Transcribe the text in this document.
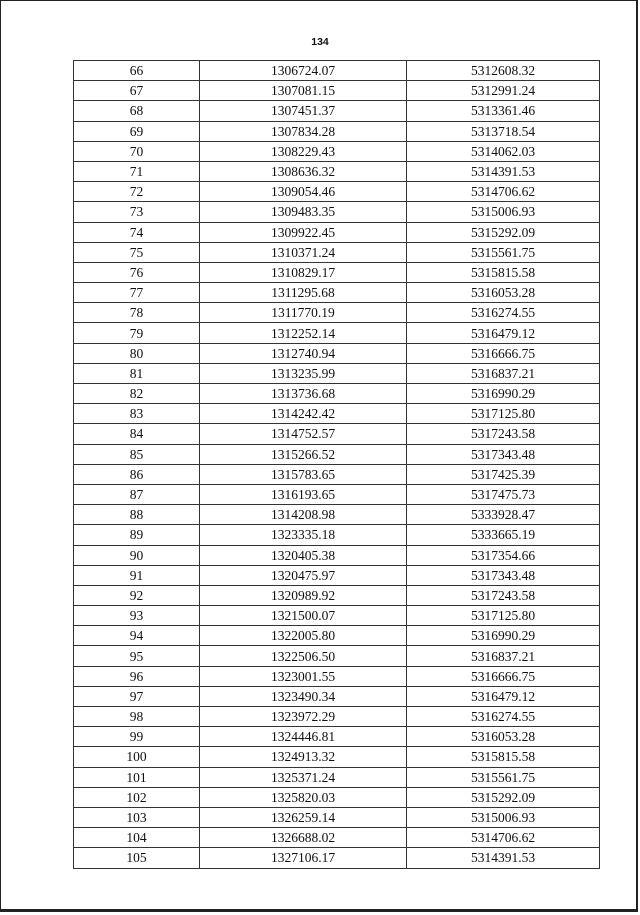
134
66	1306724.07	5312608.32
67	1307081.15	5312991.24
68	1307451.37	5313361.46
69	1307834.28	5313718.54
70	1308229.43	5314062.03
71	1308636.32	5314391.53
72	1309054.46	5314706.62
73	1309483.35	5315006.93
74	1309922.45	5315292.09
75	1310371.24	5315561.75
76	1310829.17	5315815.58
77	1311295.68	5316053.28
78	1311770.19	5316274.55
79	1312252.14	5316479.12
80	1312740.94	5316666.75
81	1313235.99	5316837.21
82	1313736.68	5316990.29
83	1314242.42	5317125.80
84	1314752.57	5317243.58
85	1315266.52	5317343.48
86	1315783.65	5317425.39
87	1316193.65	5317475.73
88	1314208.98	5333928.47
89	1323335.18	5333665.19
90	1320405.38	5317354.66
91	1320475.97	5317343.48
92	1320989.92	5317243.58
93	1321500.07	5317125.80
94	1322005.80	5316990.29
95	1322506.50	5316837.21
96	1323001.55	5316666.75
97	1323490.34	5316479.12
98	1323972.29	5316274.55
99	1324446.81	5316053.28
100	1324913.32	5315815.58
101	1325371.24	5315561.75
102	1325820.03	5315292.09
103	1326259.14	5315006.93
104	1326688.02	5314706.62
105	1327106.17	5314391.53
